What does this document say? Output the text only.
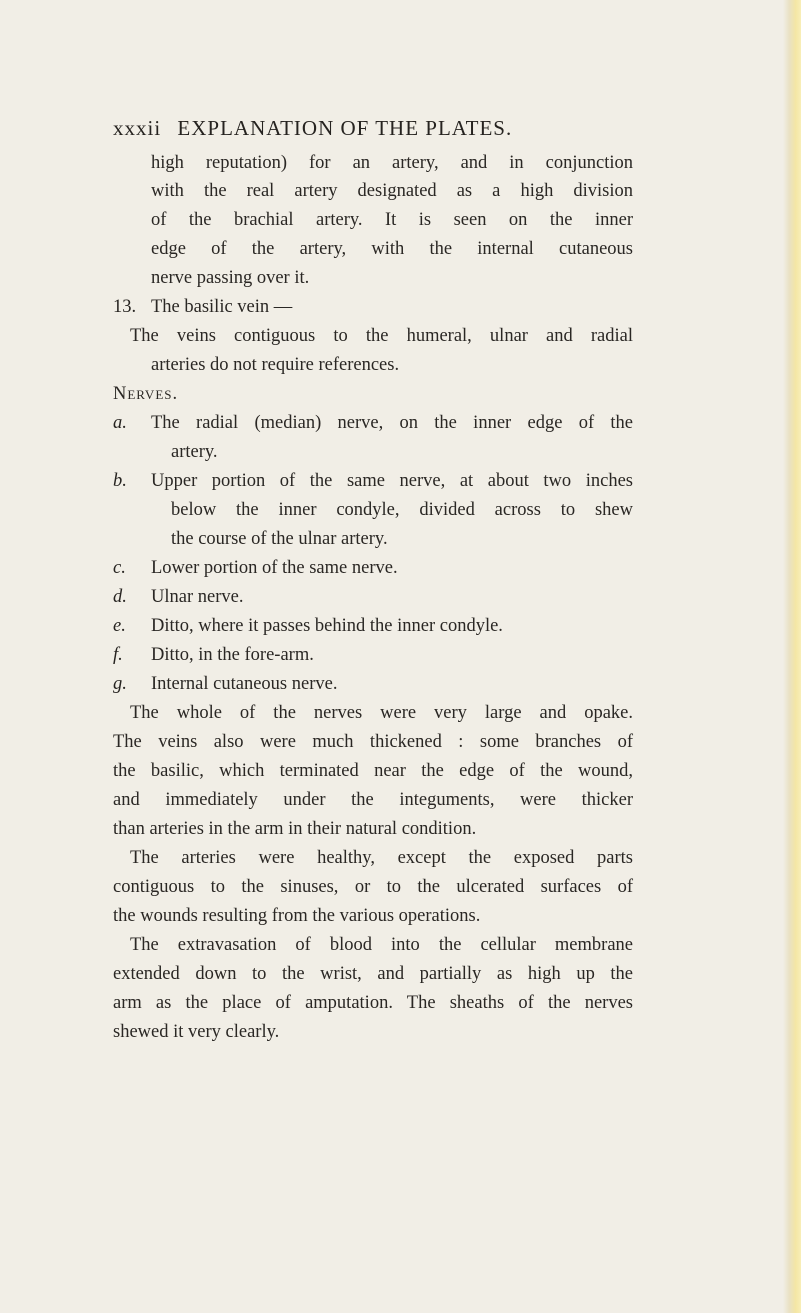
xxxii EXPLANATION OF THE PLATES.
high reputation) for an artery, and in conjunction
with the real artery designated as a high division
of the brachial artery. It is seen on the inner
edge of the artery, with the internal cutaneous
nerve passing over it.
13. The basilic vein —
The veins contiguous to the humeral, ulnar and radial
arteries do not require references.
Nerves.
a. The radial (median) nerve, on the inner edge of the
artery.
b. Upper portion of the same nerve, at about two inches
below the inner condyle, divided across to shew
the course of the ulnar artery.
c. Lower portion of the same nerve.
d. Ulnar nerve.
e. Ditto, where it passes behind the inner condyle.
f. Ditto, in the fore-arm.
g. Internal cutaneous nerve.
The whole of the nerves were very large and opake.
The veins also were much thickened : some branches of
the basilic, which terminated near the edge of the wound,
and immediately under the integuments, were thicker
than arteries in the arm in their natural condition.
The arteries were healthy, except the exposed parts
contiguous to the sinuses, or to the ulcerated surfaces of
the wounds resulting from the various operations.
The extravasation of blood into the cellular membrane
extended down to the wrist, and partially as high up the
arm as the place of amputation. The sheaths of the nerves
shewed it very clearly.
